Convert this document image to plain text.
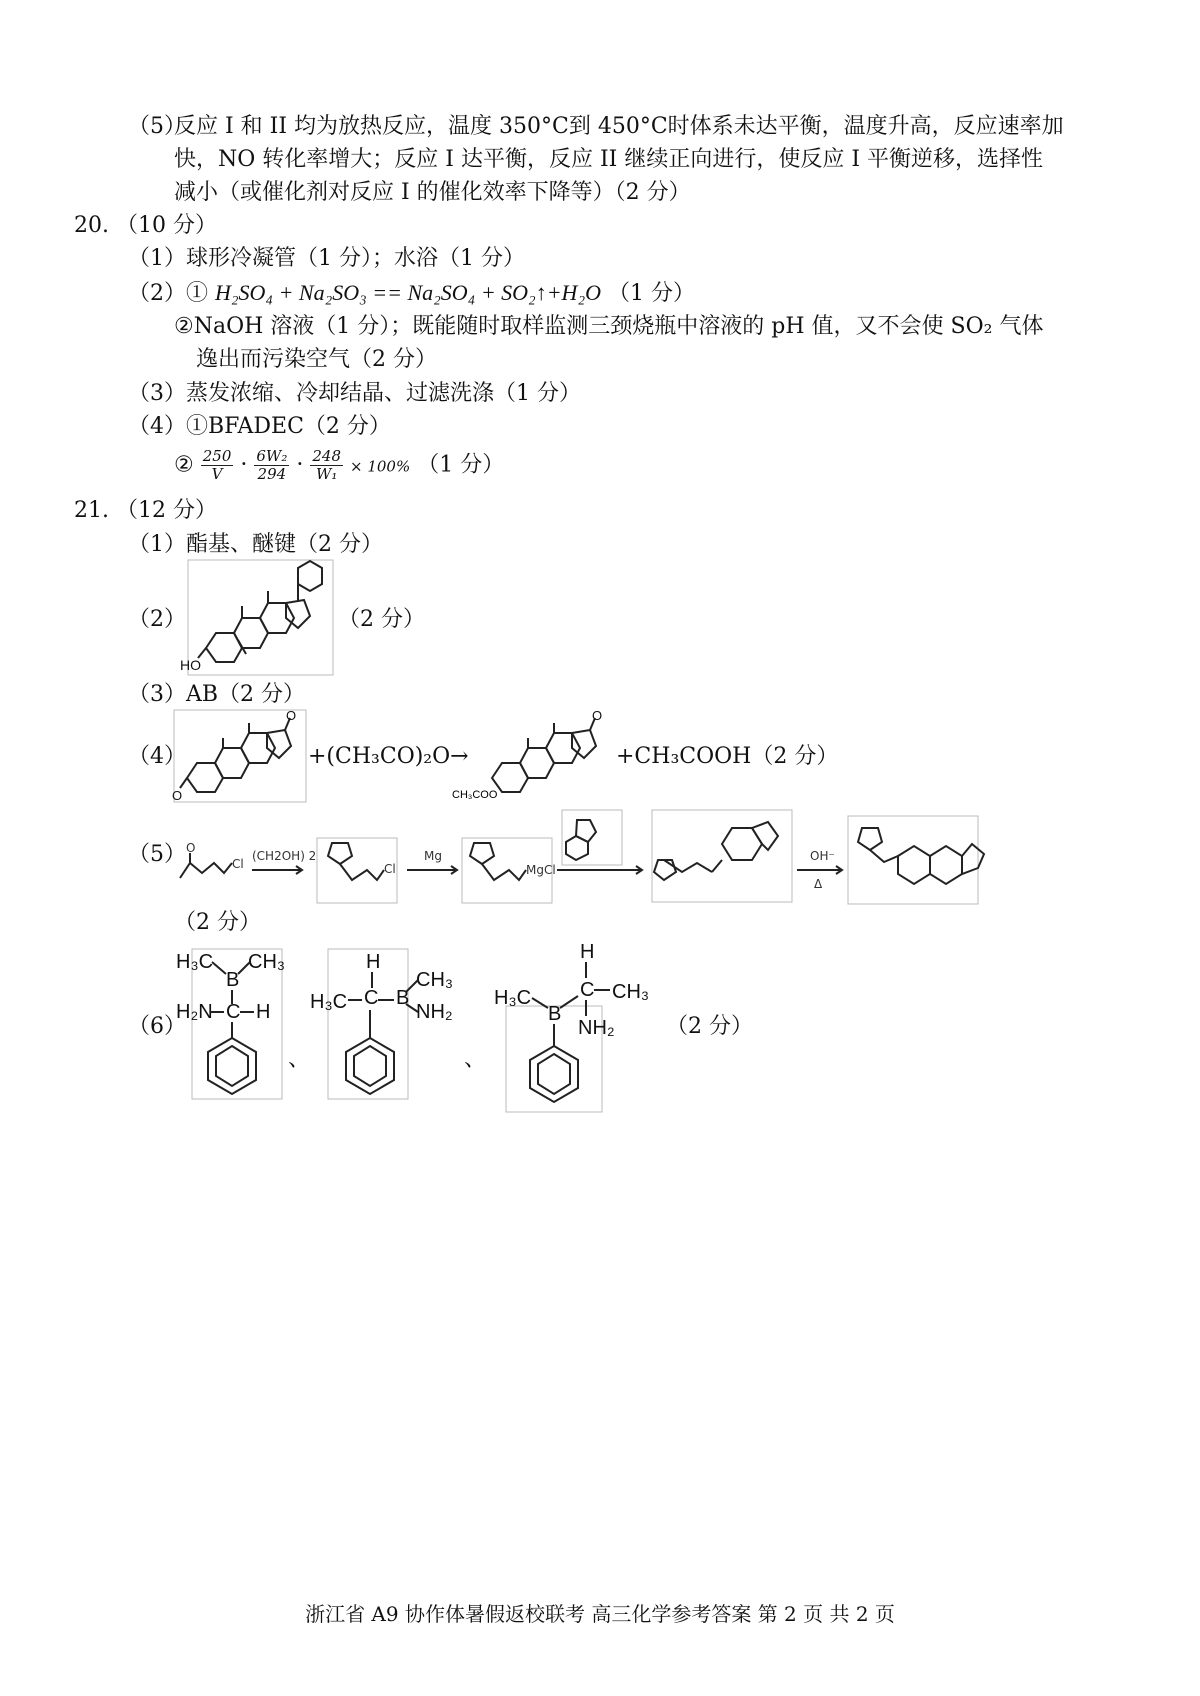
（5）
反应 I 和 II 均为放热反应，温度 350°C到 450°C时体系未达平衡，温度升高，反应速率加
快，NO 转化率增大；反应 I 达平衡，反应 II 继续正向进行，使反应 I 平衡逆移，选择性
减小（或催化剂对反应 I 的催化效率下降等）（2 分）
20. （10 分）
（1）球形冷凝管（1 分）；水浴（1 分）
（2）① H₂SO₄ + Na₂SO₃ == Na₂SO₄ + SO₂↑+H₂O （1 分）
②NaOH 溶液（1 分）；既能随时取样监测三颈烧瓶中溶液的 pH 值，又不会使 SO₂ 气体
逸出而污染空气（2 分）
（3）蒸发浓缩、冷却结晶、过滤洗涤（1 分）
（4）①BFADEC（2 分）
② $\frac{250}{V} \cdot \frac{\text{6W₂}}{294} \cdot \frac{248}{\text{W₁}} \times 100\%$ （1 分）
21. （12 分）
（1）酯基、醚键（2 分）
（2）
HO
（2 分）
（3）AB（2 分）
（4）
O
O
+(CH₃CO)₂O→
O
CH₃COO
+CH₃COOH（2 分）
（5） O
Cl
(CH2OH) 2
Cl
Mg
MgCl
OH⁻
Δ
（2 分）
（6）
H₃C
B
CH₃
H₂N C H
、
H
H₃C C B
CH₃
NH₂
、
H
H₃C
B
C CH₃
NH₂ （2 分）
浙江省 A9 协作体暑假返校联考 高三化学参考答案 第 2 页 共 2 页
